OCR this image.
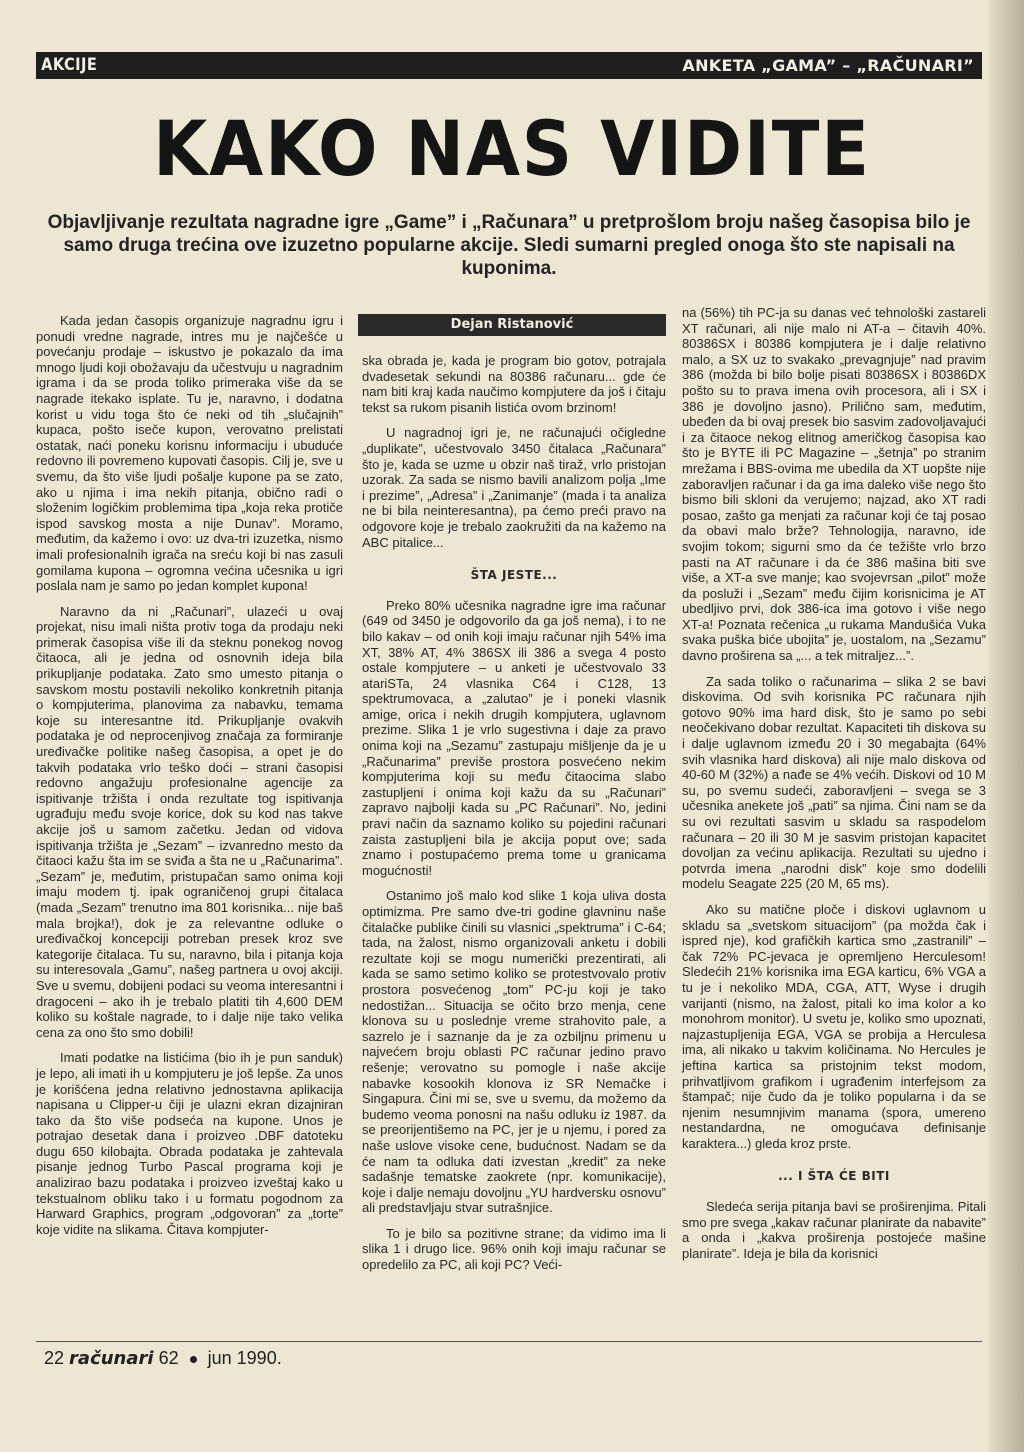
AKCIJE	ANKETA „GAMA” – „RAČUNARI”
KAKO NAS VIDITE
Objavljivanje rezultata nagradne igre „Game” i „Računara” u pretprošlom broju našeg časopisa bilo je samo druga trećina ove izuzetno popularne akcije. Sledi sumarni pregled onoga što ste napisali na kuponima.

Kada jedan časopis organizuje nagradnu igru i ponudi vredne nagrade, intres mu je najčešće u povećanju prodaje – iskustvo je pokazalo da ima mnogo ljudi koji obožavaju da učestvuju u nagradnim igrama i da se proda toliko primeraka više da se nagrade itekako isplate. Tu je, naravno, i dodatna korist u vidu toga što će neki od tih „slučajnih” kupaca, pošto iseče kupon, verovatno prelistati ostatak, naći poneku korisnu informaciju i ubuduće redovno ili povremeno kupovati časopis. Cilj je, sve u svemu, da što više ljudi pošalje kupone pa se zato, ako u njima i ima nekih pitanja, obično radi o složenim logičkim problemima tipa „koja reka protiče ispod savskog mosta a nije Dunav”. Moramo, međutim, da kažemo i ovo: uz dva-tri izuzetka, nismo imali profesionalnih igrača na sreću koji bi nas zasuli gomilama kupona – ogromna većina učesnika u igri poslala nam je samo po jedan komplet kupona!

Naravno da ni „Računari”, ulazeći u ovaj projekat, nisu imali ništa protiv toga da prodaju neki primerak časopisa više ili da steknu ponekog novog čitaoca, ali je jedna od osnovnih ideja bila prikupljanje podataka. Zato smo umesto pitanja o savskom mostu postavili nekoliko konkretnih pitanja o kompjuterima, planovima za nabavku, temama koje su interesantne itd. Prikupljanje ovakvih podataka je od neprocenjivog značaja za formiranje uređivačke politike našeg časopisa, a opet je do takvih podataka vrlo teško doći – strani časopisi redovno angažuju profesionalne agencije za ispitivanje tržišta i onda rezultate tog ispitivanja ugrađuju među svoje korice, dok su kod nas takve akcije još u samom začetku. Jedan od vidova ispitivanja tržišta je „Sezam” – izvanredno mesto da čitaoci kažu šta im se sviđa a šta ne u „Računarima”. „Sezam” je, međutim, pristupačan samo onima koji imaju modem tj. ipak ograničenoj grupi čitalaca (mada „Sezam” trenutno ima 801 korisnika... nije baš mala brojka!), dok je za relevantne odluke o uređivačkoj koncepciji potreban presek kroz sve kategorije čitalaca. Tu su, naravno, bila i pitanja koja su interesovala „Gamu”, našeg partnera u ovoj akciji. Sve u svemu, dobijeni podaci su veoma interesantni i dragoceni – ako ih je trebalo platiti tih 4,600 DEM koliko su koštale nagrade, to i dalje nije tako velika cena za ono što smo dobili!

Imati podatke na listićima (bio ih je pun sanduk) je lepo, ali imati ih u kompjuteru je još lepše. Za unos je korišćena jedna relativno jednostavna aplikacija napisana u Clipper-u čiji je ulazni ekran dizajniran tako da što više podseća na kupone. Unos je potrajao desetak dana i proizveo .DBF datoteku dugu 650 kilobajta. Obrada podataka je zahtevala pisanje jednog Turbo Pascal programa koji je analizirao bazu podataka i proizveo izveštaj kako u tekstualnom obliku tako i u formatu pogodnom za Harward Graphics, program „odgovoran” za „torte” koje vidite na slikama. Čitava kompjuter-

Dejan Ristanović

ska obrada je, kada je program bio gotov, potrajala dvadesetak sekundi na 80386 računaru... gde će nam biti kraj kada naučimo kompjutere da još i čitaju tekst sa rukom pisanih listića ovom brzinom!

U nagradnoj igri je, ne računajući očigledne „duplikate”, učestvovalo 3450 čitalaca „Računara” što je, kada se uzme u obzir naš tiraž, vrlo pristojan uzorak. Za sada se nismo bavili analizom polja „Ime i prezime”, „Adresa” i „Zanimanje” (mada i ta analiza ne bi bila neinteresantna), pa ćemo preći pravo na odgovore koje je trebalo zaokružiti da na kažemo na ABC pitalice...

ŠTA JESTE...

Preko 80% učesnika nagradne igre ima računar (649 od 3450 je odgovorilo da ga još nema), i to ne bilo kakav – od onih koji imaju računar njih 54% ima XT, 38% AT, 4% 386SX ili 386 a svega 4 posto ostale kompjutere – u anketi je učestvovalo 33 atariSTa, 24 vlasnika C64 i C128, 13 spektrumovaca, a „zalutao” je i poneki vlasnik amige, orica i nekih drugih kompjutera, uglavnom prezime. Slika 1 je vrlo sugestivna i daje za pravo onima koji na „Sezamu” zastupaju mišljenje da je u „Računarima” previše prostora posvećeno nekim kompjuterima koji su među čitaocima slabo zastupljeni i onima koji kažu da su „Računari” zapravo najbolji kada su „PC Računari”. No, jedini pravi način da saznamo koliko su pojedini računari zaista zastupljeni bila je akcija poput ove; sada znamo i postupaćemo prema tome u granicama mogućnosti!

Ostanimo još malo kod slike 1 koja uliva dosta optimizma. Pre samo dve-tri godine glavninu naše čitalačke publike činili su vlasnici „spektruma” i C-64; tada, na žalost, nismo organizovali anketu i dobili rezultate koji se mogu numerički prezentirati, ali kada se samo setimo koliko se protestvovalo protiv prostora posvećenog „tom” PC-ju koji je tako nedostižan... Situacija se očito brzo menja, cene klonova su u poslednje vreme strahovito pale, a sazrelo je i saznanje da je za ozbiljnu primenu u najvećem broju oblasti PC računar jedino pravo rešenje; verovatno su pomogle i naše akcije nabavke kosookih klonova iz SR Nemačke i Singapura. Čini mi se, sve u svemu, da možemo da budemo veoma ponosni na našu odluku iz 1987. da se preorijentišemo na PC, jer je u njemu, i pored za naše uslove visoke cene, budućnost. Nadam se da će nam ta odluka dati izvestan „kredit” za neke sadašnje tematske zaokrete (npr. komunikacije), koje i dalje nemaju dovoljnu „YU hardversku osnovu” ali predstavljaju stvar sutrašnjice.

To je bilo sa pozitivne strane; da vidimo ima li slika 1 i drugo lice. 96% onih koji imaju računar se opredelilo za PC, ali koji PC? Veći-

na (56%) tih PC-ja su danas već tehnološki zastareli XT računari, ali nije malo ni AT-a – čitavih 40%. 80386SX i 80386 kompjutera je i dalje relativno malo, a SX uz to svakako „prevagnjuje” nad pravim 386 (možda bi bilo bolje pisati 80386SX i 80386DX pošto su to prava imena ovih procesora, ali i SX i 386 je dovoljno jasno). Prilično sam, međutim, ubeđen da bi ovaj presek bio sasvim zadovoljavajući i za čitaoce nekog elitnog američkog časopisa kao što je BYTE ili PC Magazine – „šetnja” po stranim mrežama i BBS-ovima me ubedila da XT uopšte nije zaboravljen računar i da ga ima daleko više nego što bismo bili skloni da verujemo; najzad, ako XT radi posao, zašto ga menjati za računar koji će taj posao da obavi malo brže? Tehnologija, naravno, ide svojim tokom; sigurni smo da će težište vrlo brzo pasti na AT računare i da će 386 mašina biti sve više, a XT-a sve manje; kao svojevrsan „pilot” može da posluži i „Sezam” među čijim korisnicima je AT ubedljivo prvi, dok 386-ica ima gotovo i više nego XT-a! Poznata rečenica „u rukama Mandušića Vuka svaka puška biće ubojita” je, uostalom, na „Sezamu” davno proširena sa „... a tek mitraljez...”.

Za sada toliko o računarima – slika 2 se bavi diskovima. Od svih korisnika PC računara njih gotovo 90% ima hard disk, što je samo po sebi neočekivano dobar rezultat. Kapaciteti tih diskova su i dalje uglavnom između 20 i 30 megabajta (64% svih vlasnika hard diskova) ali nije malo diskova od 40-60 M (32%) a nađe se 4% većih. Diskovi od 10 M su, po svemu sudeći, zaboravljeni – svega se 3 učesnika anekete još „pati” sa njima. Čini nam se da su ovi rezultati sasvim u skladu sa raspodelom računara – 20 ili 30 M je sasvim pristojan kapacitet dovoljan za većinu aplikacija. Rezultati su ujedno i potvrda imena „narodni disk” koje smo dodelili modelu Seagate 225 (20 M, 65 ms).

Ako su matične ploče i diskovi uglavnom u skladu sa „svetskom situacijom” (pa možda čak i ispred nje), kod grafičkih kartica smo „zastranili” – čak 72% PC-jevaca je opremljeno Herculesom! Sledećih 21% korisnika ima EGA karticu, 6% VGA a tu je i nekoliko MDA, CGA, ATT, Wyse i drugih varijanti (nismo, na žalost, pitali ko ima kolor a ko monohrom monitor). U svetu je, koliko smo upoznati, najzastupljenija EGA, VGA se probija a Herculesa ima, ali nikako u takvim količinama. No Hercules je jeftina kartica sa pristojnim tekst modom, prihvatljivom grafikom i ugrađenim interfejsom za štampač; nije čudo da je toliko popularna i da se njenim nesumnjivim manama (spora, umereno nestandardna, ne omogućava definisanje karaktera...) gleda kroz prste.

... I ŠTA ĆE BITI

Sledeća serija pitanja bavi se proširenjima. Pitali smo pre svega „kakav računar planirate da nabavite” a onda i „kakva proširenja postojeće mašine planirate”. Ideja je bila da korisnici

22 računari 62 jun 1990.
